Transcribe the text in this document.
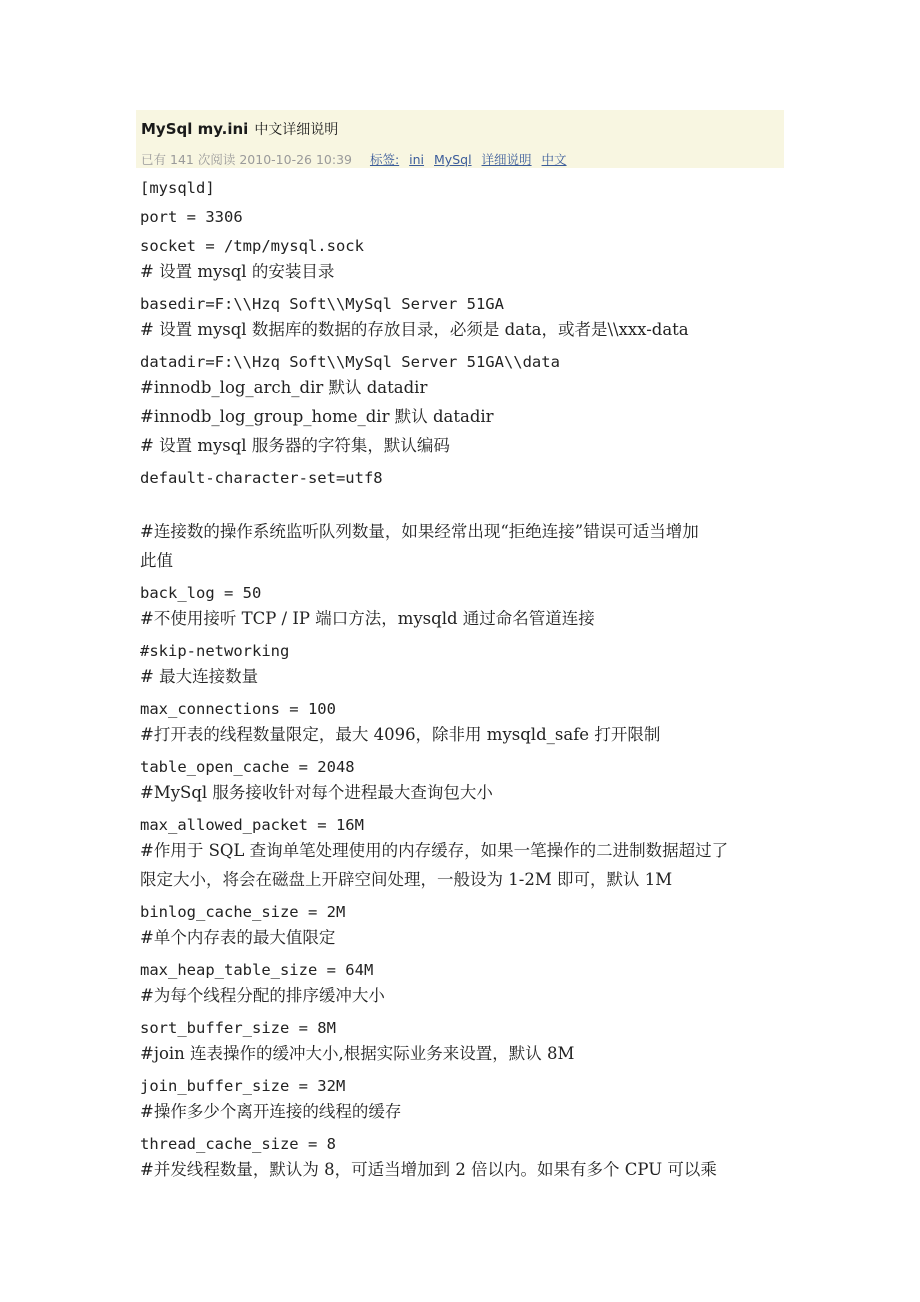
MySql my.ini 中文详细说明
已有 141 次阅读 2010-10-26 10:39 标签: ini MySql 详细说明 中文
[mysqld]
port = 3306
socket = /tmp/mysql.sock
# 设置 mysql 的安装目录
basedir=F:\\Hzq Soft\\MySql Server 51GA
# 设置 mysql 数据库的数据的存放目录，必须是 data，或者是\\xxx-data
datadir=F:\\Hzq Soft\\MySql Server 51GA\\data
#innodb_log_arch_dir 默认 datadir
#innodb_log_group_home_dir 默认 datadir
# 设置 mysql 服务器的字符集，默认编码
default-character-set=utf8
#连接数的操作系统监听队列数量，如果经常出现“拒绝连接”错误可适当增加
此值
back_log = 50
#不使用接听 TCP / IP 端口方法，mysqld 通过命名管道连接
#skip-networking
# 最大连接数量
max_connections = 100
#打开表的线程数量限定，最大 4096，除非用 mysqld_safe 打开限制
table_open_cache = 2048
#MySql 服务接收针对每个进程最大查询包大小
max_allowed_packet = 16M
#作用于 SQL 查询单笔处理使用的内存缓存，如果一笔操作的二进制数据超过了
限定大小，将会在磁盘上开辟空间处理，一般设为 1-2M 即可，默认 1M
binlog_cache_size = 2M
#单个内存表的最大值限定
max_heap_table_size = 64M
#为每个线程分配的排序缓冲大小
sort_buffer_size = 8M
#join 连表操作的缓冲大小,根据实际业务来设置，默认 8M
join_buffer_size = 32M
#操作多少个离开连接的线程的缓存
thread_cache_size = 8
#并发线程数量，默认为 8，可适当增加到 2 倍以内。如果有多个 CPU 可以乘
